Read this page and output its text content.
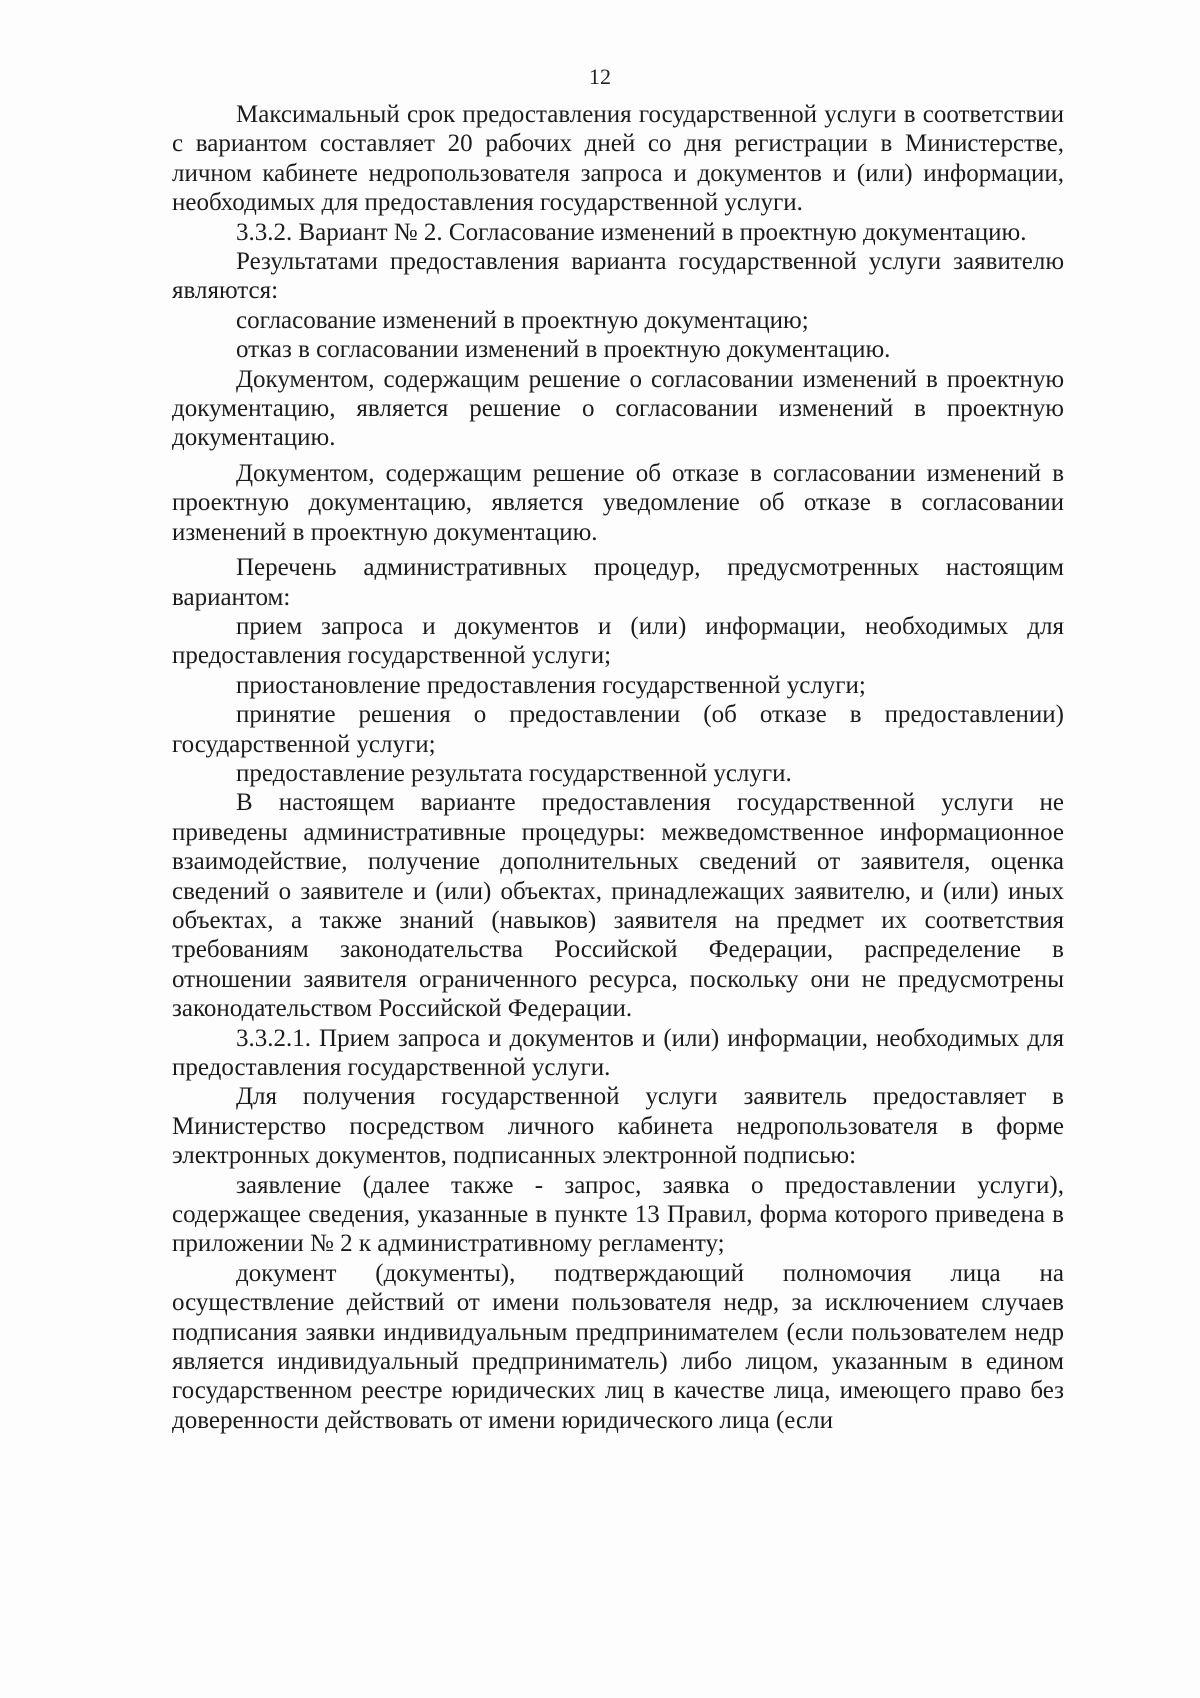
12

Максимальный срок предоставления государственной услуги в соответствии с вариантом составляет 20 рабочих дней со дня регистрации в Министерстве, личном кабинете недропользователя запроса и документов и (или) информации, необходимых для предоставления государственной услуги.

3.3.2. Вариант № 2. Согласование изменений в проектную документацию.

Результатами предоставления варианта государственной услуги заявителю являются:

согласование изменений в проектную документацию;

отказ в согласовании изменений в проектную документацию.

Документом, содержащим решение о согласовании изменений в проектную документацию, является решение о согласовании изменений в проектную документацию.

Документом, содержащим решение об отказе в согласовании изменений в проектную документацию, является уведомление об отказе в согласовании изменений в проектную документацию.

Перечень административных процедур, предусмотренных настоящим вариантом:

прием запроса и документов и (или) информации, необходимых для предоставления государственной услуги;

приостановление предоставления государственной услуги;

принятие решения о предоставлении (об отказе в предоставлении) государственной услуги;

предоставление результата государственной услуги.

В настоящем варианте предоставления государственной услуги не приведены административные процедуры: межведомственное информационное взаимодействие, получение дополнительных сведений от заявителя, оценка сведений о заявителе и (или) объектах, принадлежащих заявителю, и (или) иных объектах, а также знаний (навыков) заявителя на предмет их соответствия требованиям законодательства Российской Федерации, распределение в отношении заявителя ограниченного ресурса, поскольку они не предусмотрены законодательством Российской Федерации.

3.3.2.1. Прием запроса и документов и (или) информации, необходимых для предоставления государственной услуги.

Для получения государственной услуги заявитель предоставляет в Министерство посредством личного кабинета недропользователя в форме электронных документов, подписанных электронной подписью:

заявление (далее также - запрос, заявка о предоставлении услуги), содержащее сведения, указанные в пункте 13 Правил, форма которого приведена в приложении № 2 к административному регламенту;

документ (документы), подтверждающий полномочия лица на осуществление действий от имени пользователя недр, за исключением случаев подписания заявки индивидуальным предпринимателем (если пользователем недр является индивидуальный предприниматель) либо лицом, указанным в едином государственном реестре юридических лиц в качестве лица, имеющего право без доверенности действовать от имени юридического лица (если
